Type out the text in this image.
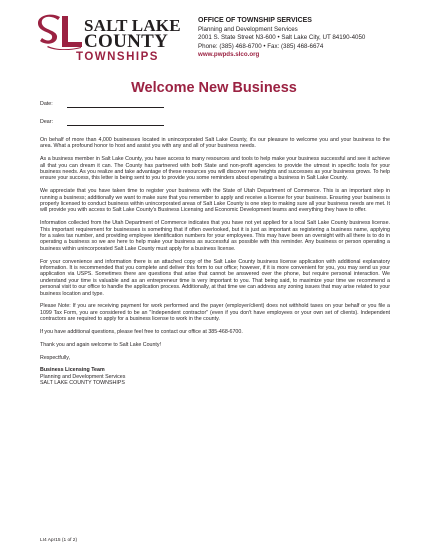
SALT LAKE
COUNTY
TOWNSHIPS
OFFICE OF TOWNSHIP SERVICES
Planning and Development Services
2001 S. State Street N3-600 • Salt Lake City, UT 84190-4050
Phone: (385) 468-6700 • Fax: (385) 468-6674
www.pwpds.slco.org
Welcome New Business
Date:
Dear:

On behalf of more than 4,000 businesses located in unincorporated Salt Lake County, it's our pleasure to welcome you and your business to the area. What a profound honor to host and assist you with any and all of your business needs.

As a business member in Salt Lake County, you have access to many resources and tools to help make your business successful and see it achieve all that you can dream it can. The County has partnered with both State and non-profit agencies to provide the utmost in specific tools for your business needs. As you realize and take advantage of these resources you will discover new heights and successes as your business grows. To help ensure your success, this letter is being sent to you to provide you some reminders about operating a business in Salt Lake County.

We appreciate that you have taken time to register your business with the State of Utah Department of Commerce. This is an important step in running a business; additionally we want to make sure that you remember to apply and receive a license for your business. Ensuring your business is properly licensed to conduct business within unincorporated areas of Salt Lake County is one step to making sure all your business needs are met. It will provide you with access to Salt Lake County's Business Licensing and Economic Development teams and everything they have to offer.

Information collected from the Utah Department of Commerce indicates that you have not yet applied for a local Salt Lake County business license. This important requirement for businesses is something that if often overlooked, but it is just as important as registering a business name, applying for a sales tax number, and providing employee identification numbers for your employees. This may have been an oversight with all there is to do in operating a business so we are here to help make your business as successful as possible with this reminder. Any business or person operating a business within unincorporated Salt Lake County must apply for a business license.

For your convenience and information there is an attached copy of the Salt Lake County business license application with additional explanatory information. It is recommended that you complete and deliver this form to our office; however, if it is more convenient for you, you may send us your application via USPS. Sometimes there are questions that arise that cannot be answered over the phone, but require personal interaction. We understand your time is valuable and as an entrepreneur time is very important to you. That being said, to maximize your time we recommend a personal visit to our office to handle the application process. Additionally, at that time we can address any zoning issues that may arise related to your business location and type.

Please Note: If you are receiving payment for work performed and the payer (employer/client) does not withhold taxes on your behalf or you file a 1099 Tax Form, you are considered to be an "Independent contractor" (even if you don't have employees or your own set of clients). Independent contractors are required to apply for a business license to work in the county.

If you have additional questions, please feel free to contact our office at 385-468-6700.

Thank you and again welcome to Salt Lake County!

Respectfully,

Business Licensing Team

Planning and Development Services

SALT LAKE COUNTY TOWNSHIPS

LI4 Apr15 (1 of 2)
